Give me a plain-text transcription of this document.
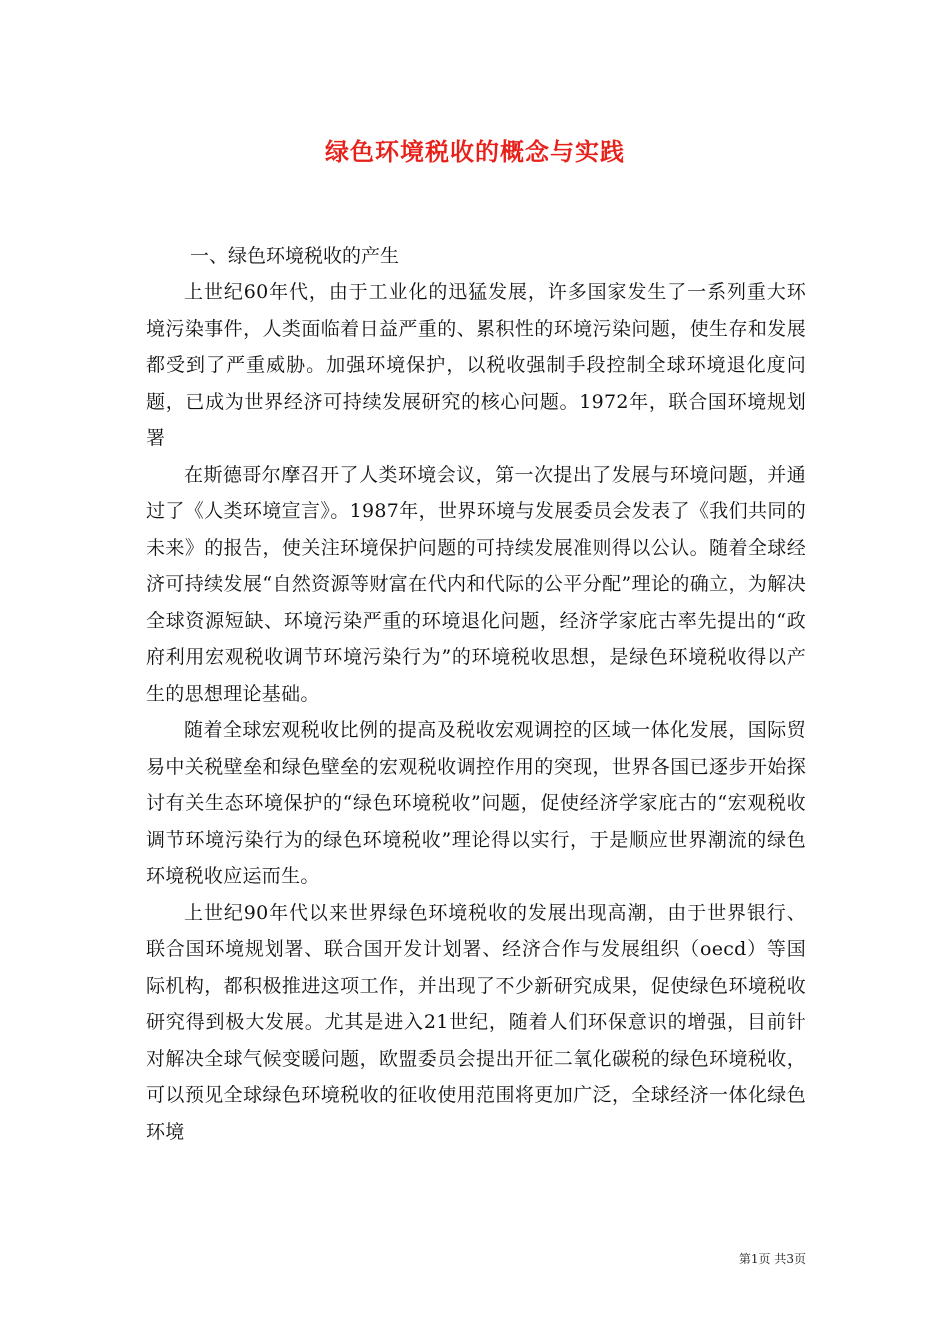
绿色环境税收的概念与实践

一、绿色环境税收的产生

上世纪60年代，由于工业化的迅猛发展，许多国家发生了一系列重大环境污染事件，人类面临着日益严重的、累积性的环境污染问题，使生存和发展都受到了严重威胁。加强环境保护，以税收强制手段控制全球环境退化度问题，已成为世界经济可持续发展研究的核心问题。1972年，联合国环境规划署

在斯德哥尔摩召开了人类环境会议，第一次提出了发展与环境问题，并通过了《人类环境宣言》。1987年，世界环境与发展委员会发表了《我们共同的未来》的报告，使关注环境保护问题的可持续发展准则得以公认。随着全球经济可持续发展“自然资源等财富在代内和代际的公平分配”理论的确立，为解决全球资源短缺、环境污染严重的环境退化问题，经济学家庇古率先提出的“政府利用宏观税收调节环境污染行为”的环境税收思想，是绿色环境税收得以产生的思想理论基础。

随着全球宏观税收比例的提高及税收宏观调控的区域一体化发展，国际贸易中关税壁垒和绿色壁垒的宏观税收调控作用的突现，世界各国已逐步开始探讨有关生态环境保护的“绿色环境税收”问题，促使经济学家庇古的“宏观税收调节环境污染行为的绿色环境税收”理论得以实行，于是顺应世界潮流的绿色环境税收应运而生。

上世纪90年代以来世界绿色环境税收的发展出现高潮，由于世界银行、联合国环境规划署、联合国开发计划署、经济合作与发展组织（oecd）等国际机构，都积极推进这项工作，并出现了不少新研究成果，促使绿色环境税收研究得到极大发展。尤其是进入21世纪，随着人们环保意识的增强，目前针对解决全球气候变暖问题，欧盟委员会提出开征二氧化碳税的绿色环境税收，可以预见全球绿色环境税收的征收使用范围将更加广泛，全球经济一体化绿色环境

第1页 共3页
